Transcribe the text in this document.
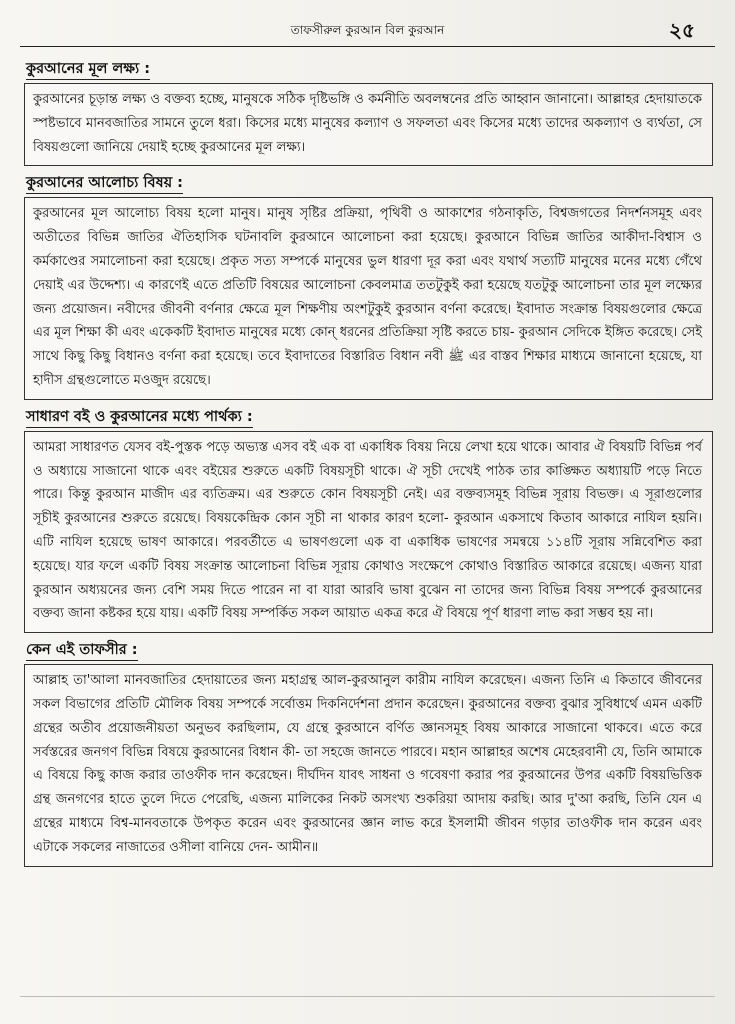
তাফসীরুল কুরআন বিল কুরআন	২৫
কুরআনের মূল লক্ষ্য :
কুরআনের চূড়ান্ত লক্ষ্য ও বক্তব্য হচ্ছে, মানুষকে সঠিক দৃষ্টিভঙ্গি ও কর্মনীতি অবলম্বনের প্রতি আহ্বান জানানো। আল্লাহর হেদায়াতকে স্পষ্টভাবে মানবজাতির সামনে তুলে ধরা। কিসের মধ্যে মানুষের কল্যাণ ও সফলতা এবং কিসের মধ্যে তাদের অকল্যাণ ও ব্যর্থতা, সে বিষয়গুলো জানিয়ে দেয়াই হচ্ছে কুরআনের মূল লক্ষ্য।
কুরআনের আলোচ্য বিষয় :
কুরআনের মূল আলোচ্য বিষয় হলো মানুষ। মানুষ সৃষ্টির প্রক্রিয়া, পৃথিবী ও আকাশের গঠনাকৃতি, বিশ্বজগতের নিদর্শনসমূহ এবং অতীতের বিভিন্ন জাতির ঐতিহাসিক ঘটনাবলি কুরআনে আলোচনা করা হয়েছে। কুরআনে বিভিন্ন জাতির আকীদা-বিশ্বাস ও কর্মকাণ্ডের সমালোচনা করা হয়েছে। প্রকৃত সত্য সম্পর্কে মানুষের ভুল ধারণা দূর করা এবং যথার্থ সত্যটি মানুষের মনের মধ্যে গেঁথে দেয়াই এর উদ্দেশ্য। এ কারণেই এতে প্রতিটি বিষয়ের আলোচনা কেবলমাত্র ততটুকুই করা হয়েছে যতটুকু আলোচনা তার মূল লক্ষ্যের জন্য প্রয়োজন। নবীদের জীবনী বর্ণনার ক্ষেত্রে মূল শিক্ষণীয় অংশটুকুই কুরআন বর্ণনা করেছে। ইবাদাত সংক্রান্ত বিষয়গুলোর ক্ষেত্রে এর মূল শিক্ষা কী এবং একেকটি ইবাদাত মানুষের মধ্যে কোন্ ধরনের প্রতিক্রিয়া সৃষ্টি করতে চায়- কুরআন সেদিকে ইঙ্গিত করেছে। সেই সাথে কিছু কিছু বিধানও বর্ণনা করা হয়েছে। তবে ইবাদাতের বিস্তারিত বিধান নবী ﷺ এর বাস্তব শিক্ষার মাধ্যমে জানানো হয়েছে, যা হাদীস গ্রন্থগুলোতে মওজুদ রয়েছে।
সাধারণ বই ও কুরআনের মধ্যে পার্থক্য :
আমরা সাধারণত যেসব বই-পুস্তক পড়ে অভ্যস্ত এসব বই এক বা একাধিক বিষয় নিয়ে লেখা হয়ে থাকে। আবার ঐ বিষয়টি বিভিন্ন পর্ব ও অধ্যায়ে সাজানো থাকে এবং বইয়ের শুরুতে একটি বিষয়সূচী থাকে। ঐ সূচী দেখেই পাঠক তার কাঙ্ক্ষিত অধ্যায়টি পড়ে নিতে পারে। কিন্তু কুরআন মাজীদ এর ব্যতিক্রম। এর শুরুতে কোন বিষয়সূচী নেই। এর বক্তব্যসমূহ বিভিন্ন সূরায় বিভক্ত। এ সূরাগুলোর সূচীই কুরআনের শুরুতে রয়েছে। বিষয়কেন্দ্রিক কোন সূচী না থাকার কারণ হলো- কুরআন একসাথে কিতাব আকারে নাযিল হয়নি। এটি নাযিল হয়েছে ভাষণ আকারে। পরবর্তীতে এ ভাষণগুলো এক বা একাধিক ভাষণের সমন্বয়ে ১১৪টি সূরায় সন্নিবেশিত করা হয়েছে। যার ফলে একটি বিষয় সংক্রান্ত আলোচনা বিভিন্ন সূরায় কোথাও সংক্ষেপে কোথাও বিস্তারিত আকারে রয়েছে। এজন্য যারা কুরআন অধ্যয়নের জন্য বেশি সময় দিতে পারেন না বা যারা আরবি ভাষা বুঝেন না তাদের জন্য বিভিন্ন বিষয় সম্পর্কে কুরআনের বক্তব্য জানা কষ্টকর হয়ে যায়। একটি বিষয় সম্পর্কিত সকল আয়াত একত্র করে ঐ বিষয়ে পূর্ণ ধারণা লাভ করা সম্ভব হয় না।
কেন এই তাফসীর :
আল্লাহ তা'আলা মানবজাতির হেদায়াতের জন্য মহাগ্রন্থ আল-কুরআনুল কারীম নাযিল করেছেন। এজন্য তিনি এ কিতাবে জীবনের সকল বিভাগের প্রতিটি মৌলিক বিষয় সম্পর্কে সর্বোত্তম দিকনির্দেশনা প্রদান করেছেন। কুরআনের বক্তব্য বুঝার সুবিধার্থে এমন একটি গ্রন্থের অতীব প্রয়োজনীয়তা অনুভব করছিলাম, যে গ্রন্থে কুরআনে বর্ণিত জ্ঞানসমূহ বিষয় আকারে সাজানো থাকবে। এতে করে সর্বস্তরের জনগণ বিভিন্ন বিষয়ে কুরআনের বিধান কী- তা সহজে জানতে পারবে। মহান আল্লাহর অশেষ মেহেরবানী যে, তিনি আমাকে এ বিষয়ে কিছু কাজ করার তাওফীক দান করেছেন। দীর্ঘদিন যাবৎ সাধনা ও গবেষণা করার পর কুরআনের উপর একটি বিষয়ভিত্তিক গ্রন্থ জনগণের হাতে তুলে দিতে পেরেছি, এজন্য মালিকের নিকট অসংখ্য শুকরিয়া আদায় করছি। আর দু'আ করছি, তিনি যেন এ গ্রন্থের মাধ্যমে বিশ্ব-মানবতাকে উপকৃত করেন এবং কুরআনের জ্ঞান লাভ করে ইসলামী জীবন গড়ার তাওফীক দান করেন এবং এটাকে সকলের নাজাতের ওসীলা বানিয়ে দেন- আমীন॥
